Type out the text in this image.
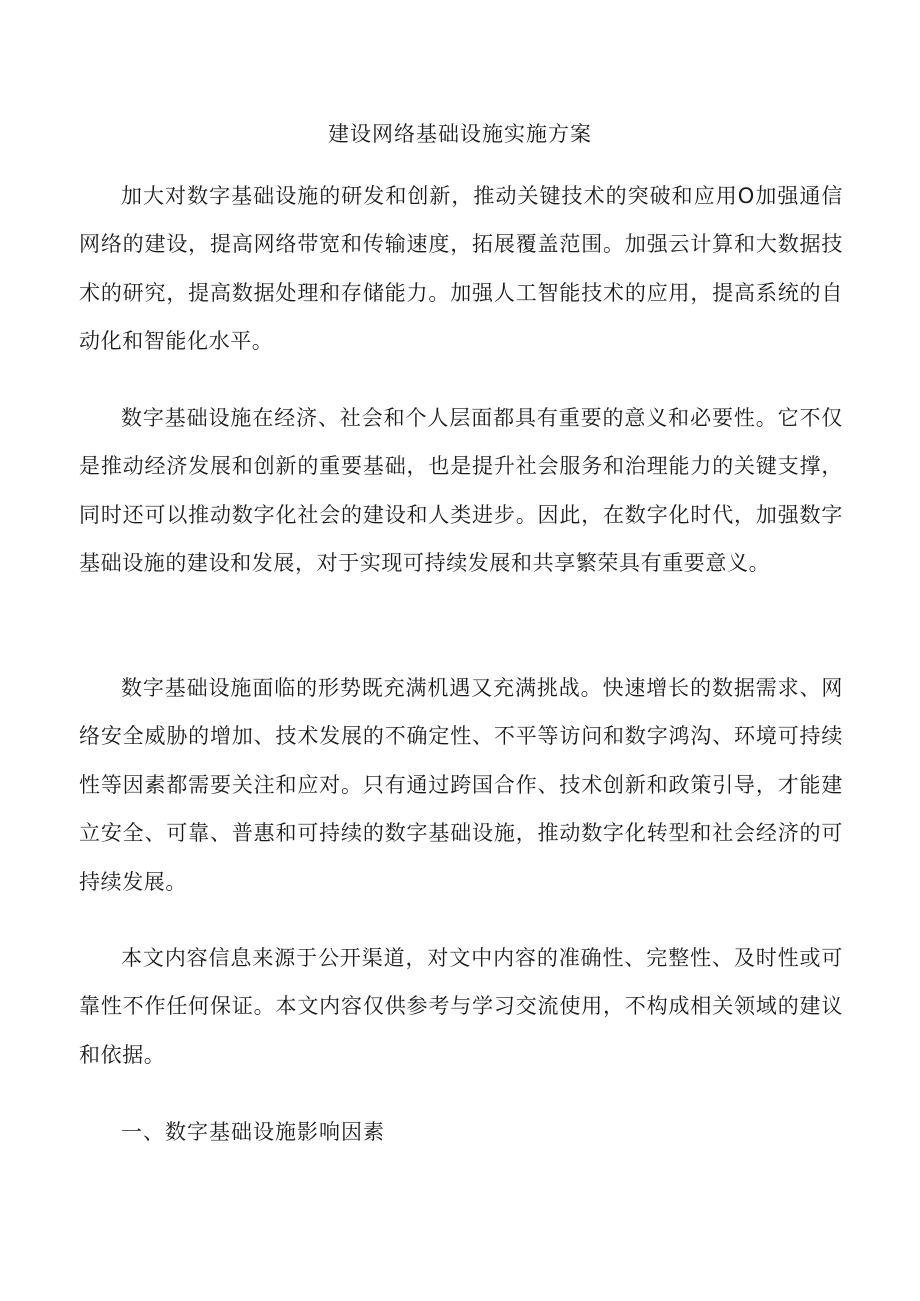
建设网络基础设施实施方案

加大对数字基础设施的研发和创新，推动关键技术的突破和应用O加强通信网络的建设，提高网络带宽和传输速度，拓展覆盖范围。加强云计算和大数据技术的研究，提高数据处理和存储能力。加强人工智能技术的应用，提高系统的自动化和智能化水平。

数字基础设施在经济、社会和个人层面都具有重要的意义和必要性。它不仅是推动经济发展和创新的重要基础，也是提升社会服务和治理能力的关键支撑，同时还可以推动数字化社会的建设和人类进步。因此，在数字化时代，加强数字基础设施的建设和发展，对于实现可持续发展和共享繁荣具有重要意义。

数字基础设施面临的形势既充满机遇又充满挑战。快速增长的数据需求、网络安全威胁的增加、技术发展的不确定性、不平等访问和数字鸿沟、环境可持续性等因素都需要关注和应对。只有通过跨国合作、技术创新和政策引导，才能建立安全、可靠、普惠和可持续的数字基础设施，推动数字化转型和社会经济的可持续发展。

本文内容信息来源于公开渠道，对文中内容的准确性、完整性、及时性或可靠性不作任何保证。本文内容仅供参考与学习交流使用，不构成相关领域的建议和依据。

一、数字基础设施影响因素
